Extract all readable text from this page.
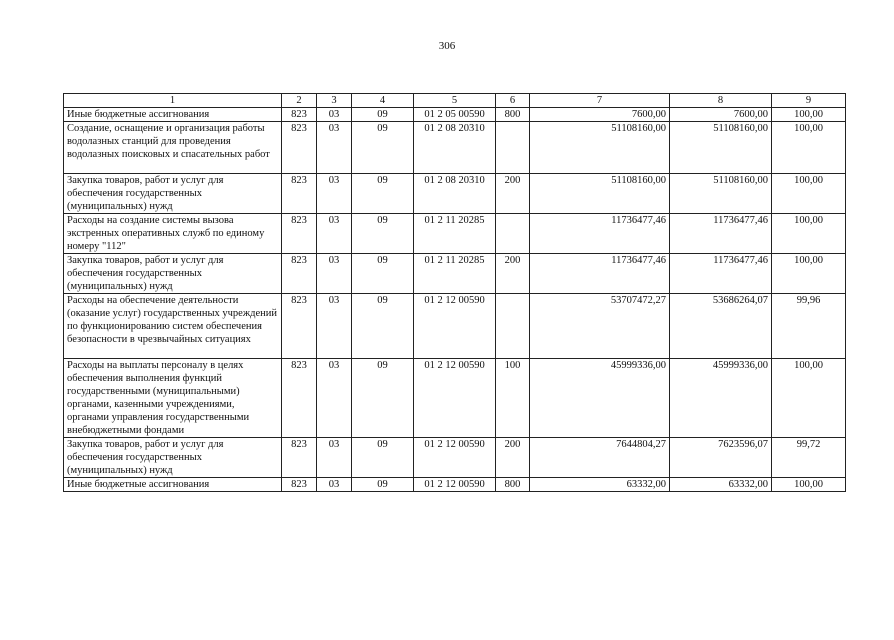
306
1	2	3	4	5	6	7	8	9
Иные бюджетные ассигнования	823	03	09	01 2 05 00590	800	7600,00	7600,00	100,00
Создание, оснащение и организация работы водолазных станций для проведения водолазных поисковых и спасательных работ	823	03	09	01 2 08 20310		51108160,00	51108160,00	100,00
Закупка товаров, работ и услуг для обеспечения государственных (муниципальных) нужд	823	03	09	01 2 08 20310	200	51108160,00	51108160,00	100,00
Расходы на создание системы вызова экстренных оперативных служб по единому номеру "112"	823	03	09	01 2 11 20285		11736477,46	11736477,46	100,00
Закупка товаров, работ и услуг для обеспечения государственных (муниципальных) нужд	823	03	09	01 2 11 20285	200	11736477,46	11736477,46	100,00
Расходы на обеспечение деятельности (оказание услуг) государственных учреждений по функционированию систем обеспечения безопасности в чрезвычайных ситуациях	823	03	09	01 2 12 00590		53707472,27	53686264,07	99,96
Расходы на выплаты персоналу в целях обеспечения выполнения функций государственными (муниципальными) органами, казенными учреждениями, органами управления государственными внебюджетными фондами	823	03	09	01 2 12 00590	100	45999336,00	45999336,00	100,00
Закупка товаров, работ и услуг для обеспечения государственных (муниципальных) нужд	823	03	09	01 2 12 00590	200	7644804,27	7623596,07	99,72
Иные бюджетные ассигнования	823	03	09	01 2 12 00590	800	63332,00	63332,00	100,00
